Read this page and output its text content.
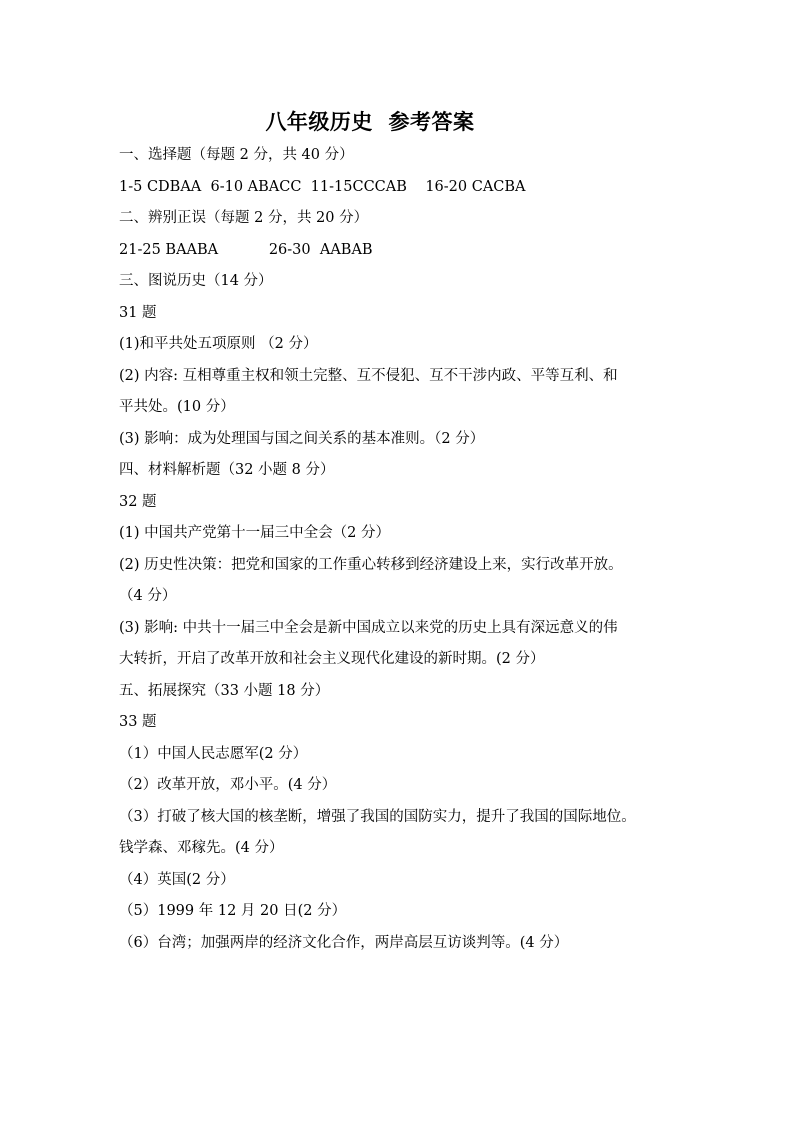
八年级历史  参考答案
一、选择题（每题 2 分，共 40 分）
1-5 CDBAA  6-10 ABACC  11-15CCCAB    16-20 CACBA
二、辨别正误（每题 2 分，共 20 分）
21-25 BAABA           26-30  AABAB
三、图说历史（14 分）
31 题
(1)和平共处五项原则 （2 分）
(2) 内容: 互相尊重主权和领土完整、互不侵犯、互不干涉内政、平等互利、和
平共处。(10 分）
(3) 影响：成为处理国与国之间关系的基本准则。（2 分）
四、材料解析题（32 小题 8 分）
32 题
(1) 中国共产党第十一届三中全会（2 分）
(2) 历史性决策：把党和国家的工作重心转移到经济建设上来，实行改革开放。
（4 分）
(3) 影响: 中共十一届三中全会是新中国成立以来党的历史上具有深远意义的伟
大转折，开启了改革开放和社会主义现代化建设的新时期。(2 分）
五、拓展探究（33 小题 18 分）
33 题
（1）中国人民志愿军(2 分）
（2）改革开放，邓小平。(4 分）
（3）打破了核大国的核垄断，增强了我国的国防实力，提升了我国的国际地位。
钱学森、邓稼先。(4 分）
（4）英国(2 分）
（5）1999 年 12 月 20 日(2 分）
（6）台湾；加强两岸的经济文化合作，两岸高层互访谈判等。(4 分）
